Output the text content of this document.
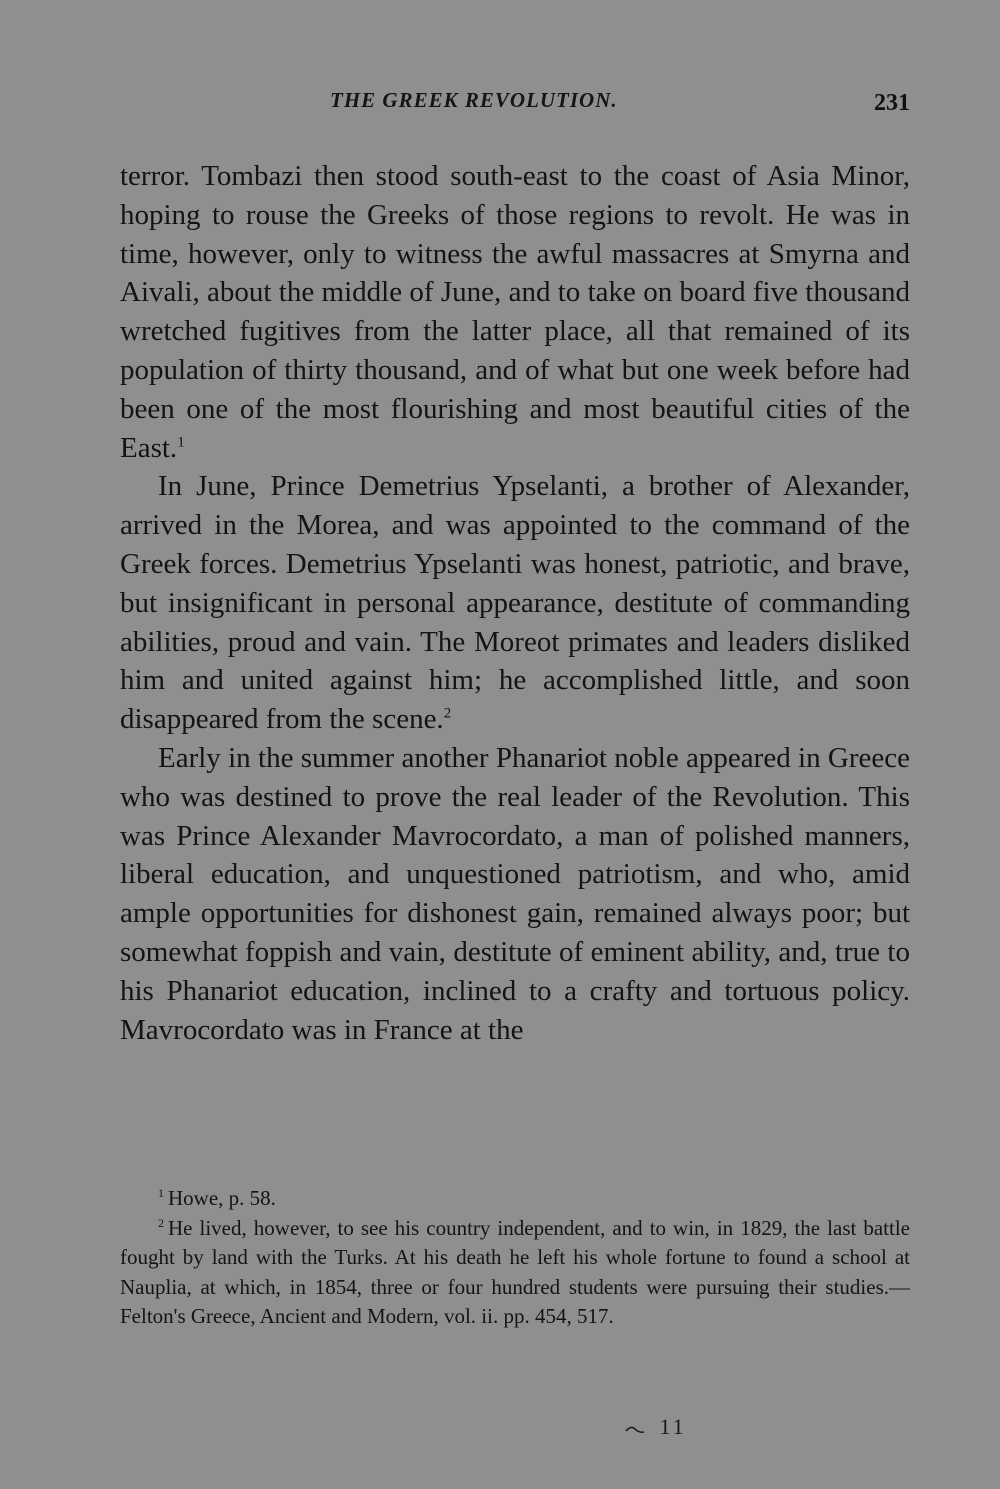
THE GREEK REVOLUTION.	231

terror. Tombazi then stood south-east to the coast of Asia Minor, hoping to rouse the Greeks of those regions to revolt. He was in time, however, only to witness the awful massacres at Smyrna and Aivali, about the middle of June, and to take on board five thousand wretched fugitives from the latter place, all that remained of its population of thirty thousand, and of what but one week before had been one of the most flourishing and most beautiful cities of the East.$^1$

In June, Prince Demetrius Ypselanti, a brother of Alexander, arrived in the Morea, and was appointed to the command of the Greek forces. Demetrius Ypselanti was honest, patriotic, and brave, but insignificant in personal appearance, destitute of commanding abilities, proud and vain. The Moreot primates and leaders disliked him and united against him; he accomplished little, and soon disappeared from the scene.$^2$

Early in the summer another Phanariot noble appeared in Greece who was destined to prove the real leader of the Revolution. This was Prince Alexander Mavrocordato, a man of polished manners, liberal education, and unquestioned patriotism, and who, amid ample opportunities for dishonest gain, remained always poor; but somewhat foppish and vain, destitute of eminent ability, and, true to his Phanariot education, inclined to a crafty and tortuous policy. Mavrocordato was in France at the

$^1$ Howe, p. 58.

$^2$ He lived, however, to see his country independent, and to win, in 1829, the last battle fought by land with the Turks. At his death he left his whole fortune to found a school at Nauplia, at which, in 1854, three or four hundred students were pursuing their studies.—Felton's Greece, Ancient and Modern, vol. ii. pp. 454, 517.

11
